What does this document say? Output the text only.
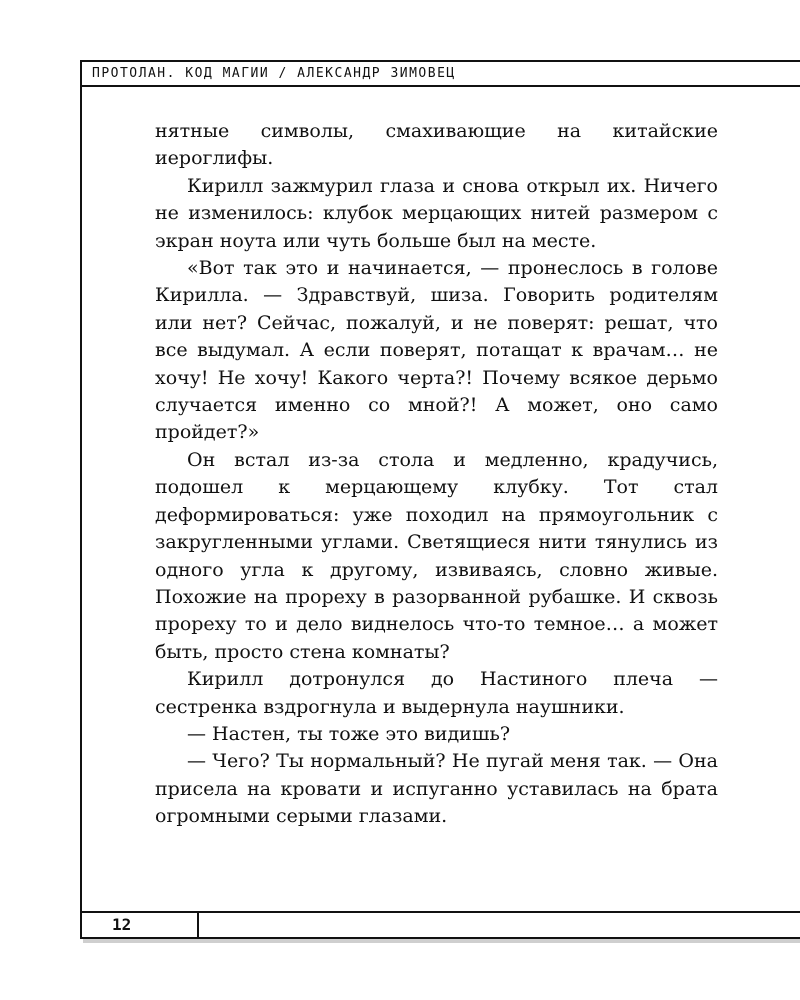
ПРОТОЛАН. КОД МАГИИ / АЛЕКСАНДР ЗИМОВЕЦ

нятные символы, смахивающие на китайские иероглифы.

Кирилл зажмурил глаза и снова открыл их. Ничего не изменилось: клубок мерцающих нитей размером с экран ноута или чуть больше был на месте.

«Вот так это и начинается, — пронеслось в голове Кирилла. — Здравствуй, шиза. Говорить родителям или нет? Сейчас, пожалуй, и не поверят: решат, что все выдумал. А если поверят, потащат к врачам… не хочу! Не хочу! Какого черта?! Почему всякое дерьмо случается именно со мной?! А может, оно само пройдет?»

Он встал из-за стола и медленно, крадучись, подошел к мерцающему клубку. Тот стал деформироваться: уже походил на прямоугольник с закругленными углами. Светящиеся нити тянулись из одного угла к другому, извиваясь, словно живые. Похожие на прореху в разорванной рубашке. И сквозь прореху то и дело виднелось что-то темное… а может быть, просто стена комнаты?

Кирилл дотронулся до Настиного плеча — сестренка вздрогнула и выдернула наушники.

— Настен, ты тоже это видишь?

— Чего? Ты нормальный? Не пугай меня так. — Она присела на кровати и испуганно уставилась на брата огромными серыми глазами.

12
